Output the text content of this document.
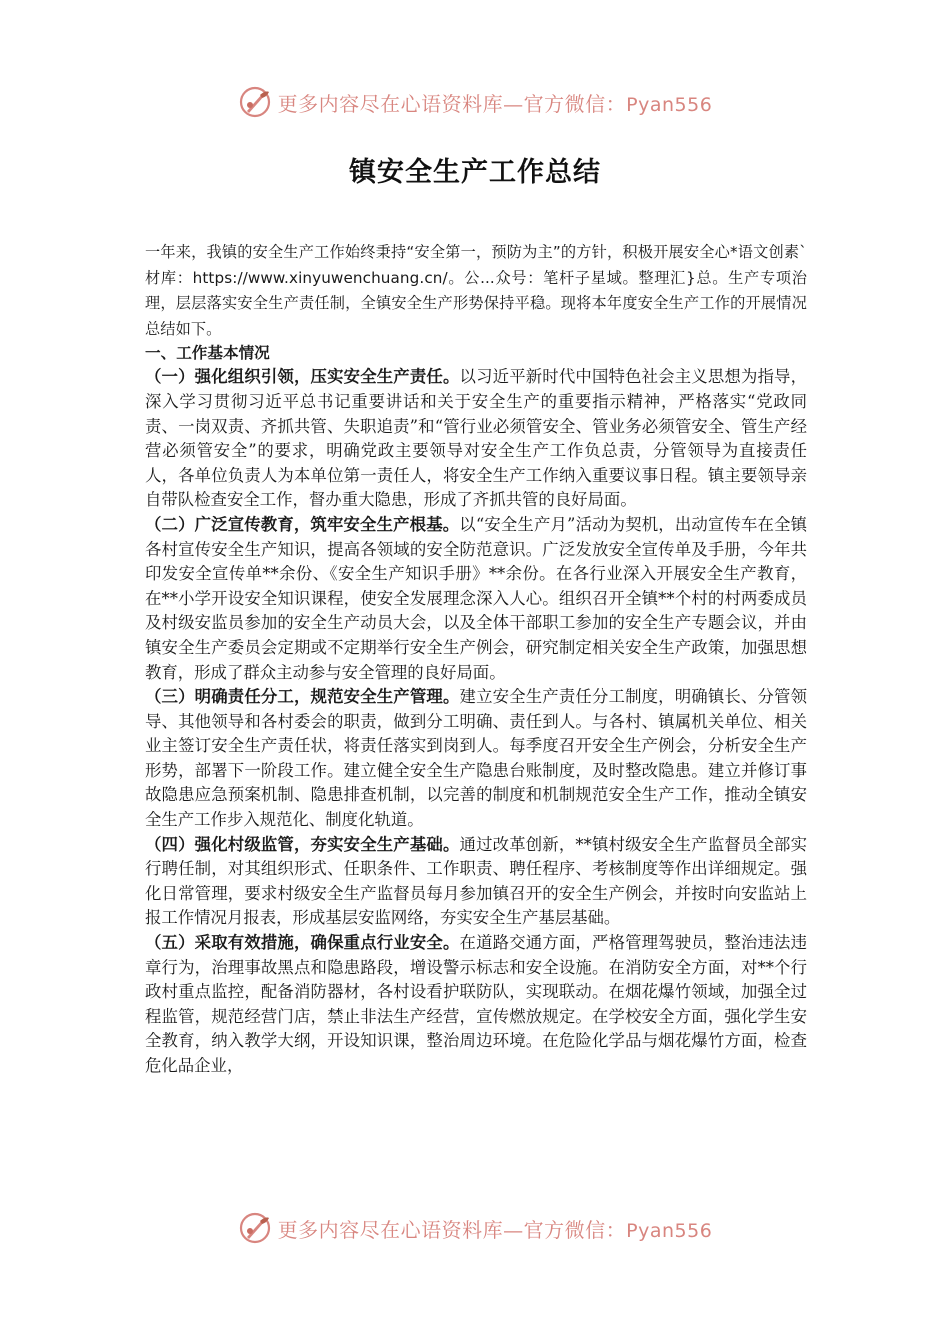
更多内容尽在心语资料库—官方微信：Pyan556
镇安全生产工作总结

一年来，我镇的安全生产工作始终秉持“安全第一，预防为主”的方针，积极开展安全心*语文创素`材库：https://www.xinyuwenchuang.cn/。公...众号：笔杆子星域。整理汇}总。生产专项治理，层层落实安全生产责任制，全镇安全生产形势保持平稳。现将本年度安全生产工作的开展情况总结如下。

一、工作基本情况

（一）强化组织引领，压实安全生产责任。以习近平新时代中国特色社会主义思想为指导，深入学习贯彻习近平总书记重要讲话和关于安全生产的重要指示精神，严格落实“党政同责、一岗双责、齐抓共管、失职追责”和“管行业必须管安全、管业务必须管安全、管生产经营必须管安全”的要求，明确党政主要领导对安全生产工作负总责，分管领导为直接责任人，各单位负责人为本单位第一责任人，将安全生产工作纳入重要议事日程。镇主要领导亲自带队检查安全工作，督办重大隐患，形成了齐抓共管的良好局面。

（二）广泛宣传教育，筑牢安全生产根基。以“安全生产月”活动为契机，出动宣传车在全镇各村宣传安全生产知识，提高各领域的安全防范意识。广泛发放安全宣传单及手册，今年共印发安全宣传单**余份、《安全生产知识手册》**余份。在各行业深入开展安全生产教育，在**小学开设安全知识课程，使安全发展理念深入人心。组织召开全镇**个村的村两委成员及村级安监员参加的安全生产动员大会，以及全体干部职工参加的安全生产专题会议，并由镇安全生产委员会定期或不定期举行安全生产例会，研究制定相关安全生产政策，加强思想教育，形成了群众主动参与安全管理的良好局面。

（三）明确责任分工，规范安全生产管理。建立安全生产责任分工制度，明确镇长、分管领导、其他领导和各村委会的职责，做到分工明确、责任到人。与各村、镇属机关单位、相关业主签订安全生产责任状，将责任落实到岗到人。每季度召开安全生产例会，分析安全生产形势，部署下一阶段工作。建立健全安全生产隐患台账制度，及时整改隐患。建立并修订事故隐患应急预案机制、隐患排查机制，以完善的制度和机制规范安全生产工作，推动全镇安全生产工作步入规范化、制度化轨道。

（四）强化村级监管，夯实安全生产基础。通过改革创新，**镇村级安全生产监督员全部实行聘任制，对其组织形式、任职条件、工作职责、聘任程序、考核制度等作出详细规定。强化日常管理，要求村级安全生产监督员每月参加镇召开的安全生产例会，并按时向安监站上报工作情况月报表，形成基层安监网络，夯实安全生产基层基础。

（五）采取有效措施，确保重点行业安全。在道路交通方面，严格管理驾驶员，整治违法违章行为，治理事故黑点和隐患路段，增设警示标志和安全设施。在消防安全方面，对**个行政村重点监控，配备消防器材，各村设看护联防队，实现联动。在烟花爆竹领域，加强全过程监管，规范经营门店，禁止非法生产经营，宣传燃放规定。在学校安全方面，强化学生安全教育，纳入教学大纲，开设知识课，整治周边环境。在危险化学品与烟花爆竹方面，检查危化品企业，

更多内容尽在心语资料库—官方微信：Pyan556
